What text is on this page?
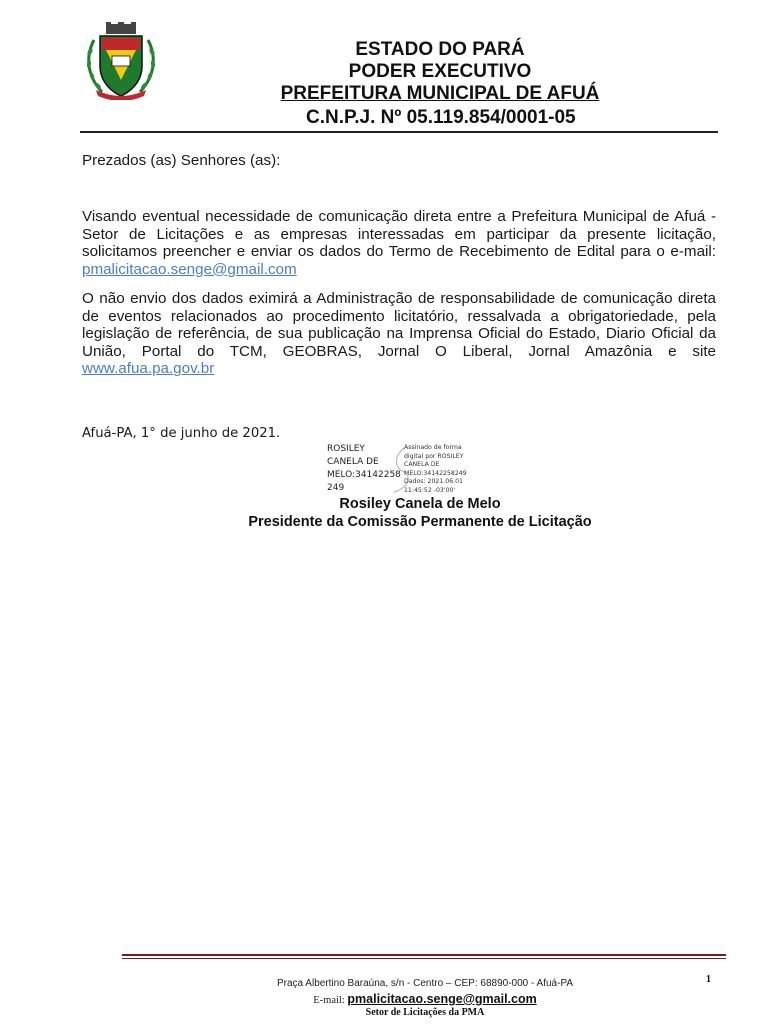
ESTADO DO PARÁ
PODER EXECUTIVO
PREFEITURA MUNICIPAL DE AFUÁ
C.N.P.J. Nº 05.119.854/0001-05
Prezados (as) Senhores (as):
Visando eventual necessidade de comunicação direta entre a Prefeitura Municipal de Afuá - Setor de Licitações e as empresas interessadas em participar da presente licitação, solicitamos preencher e enviar os dados do Termo de Recebimento de Edital para o e-mail: pmalicitacao.senge@gmail.com
O não envio dos dados eximirá a Administração de responsabilidade de comunicação direta de eventos relacionados ao procedimento licitatório, ressalvada a obrigatoriedade, pela legislação de referência, de sua publicação na Imprensa Oficial do Estado, Diario Oficial da União, Portal do TCM, GEOBRAS, Jornal O Liberal, Jornal Amazônia e site www.afua.pa.gov.br
Afuá-PA, 1° de junho de 2021.
ROSILEY
CANELA DE
MELO:34142258
249
Assinado de forma
digital por ROSILEY
CANELA DE
MELO:34142258249
Dados: 2021.06.01
11:45:52 -03'00'
Rosiley Canela de Melo
Presidente da Comissão Permanente de Licitação
1
Praça Albertino Baraúna, s/n - Centro – CEP: 68890-000 - Afuá-PA
E-mail: pmalicitacao.senge@gmail.com
Setor de Licitações da PMA
